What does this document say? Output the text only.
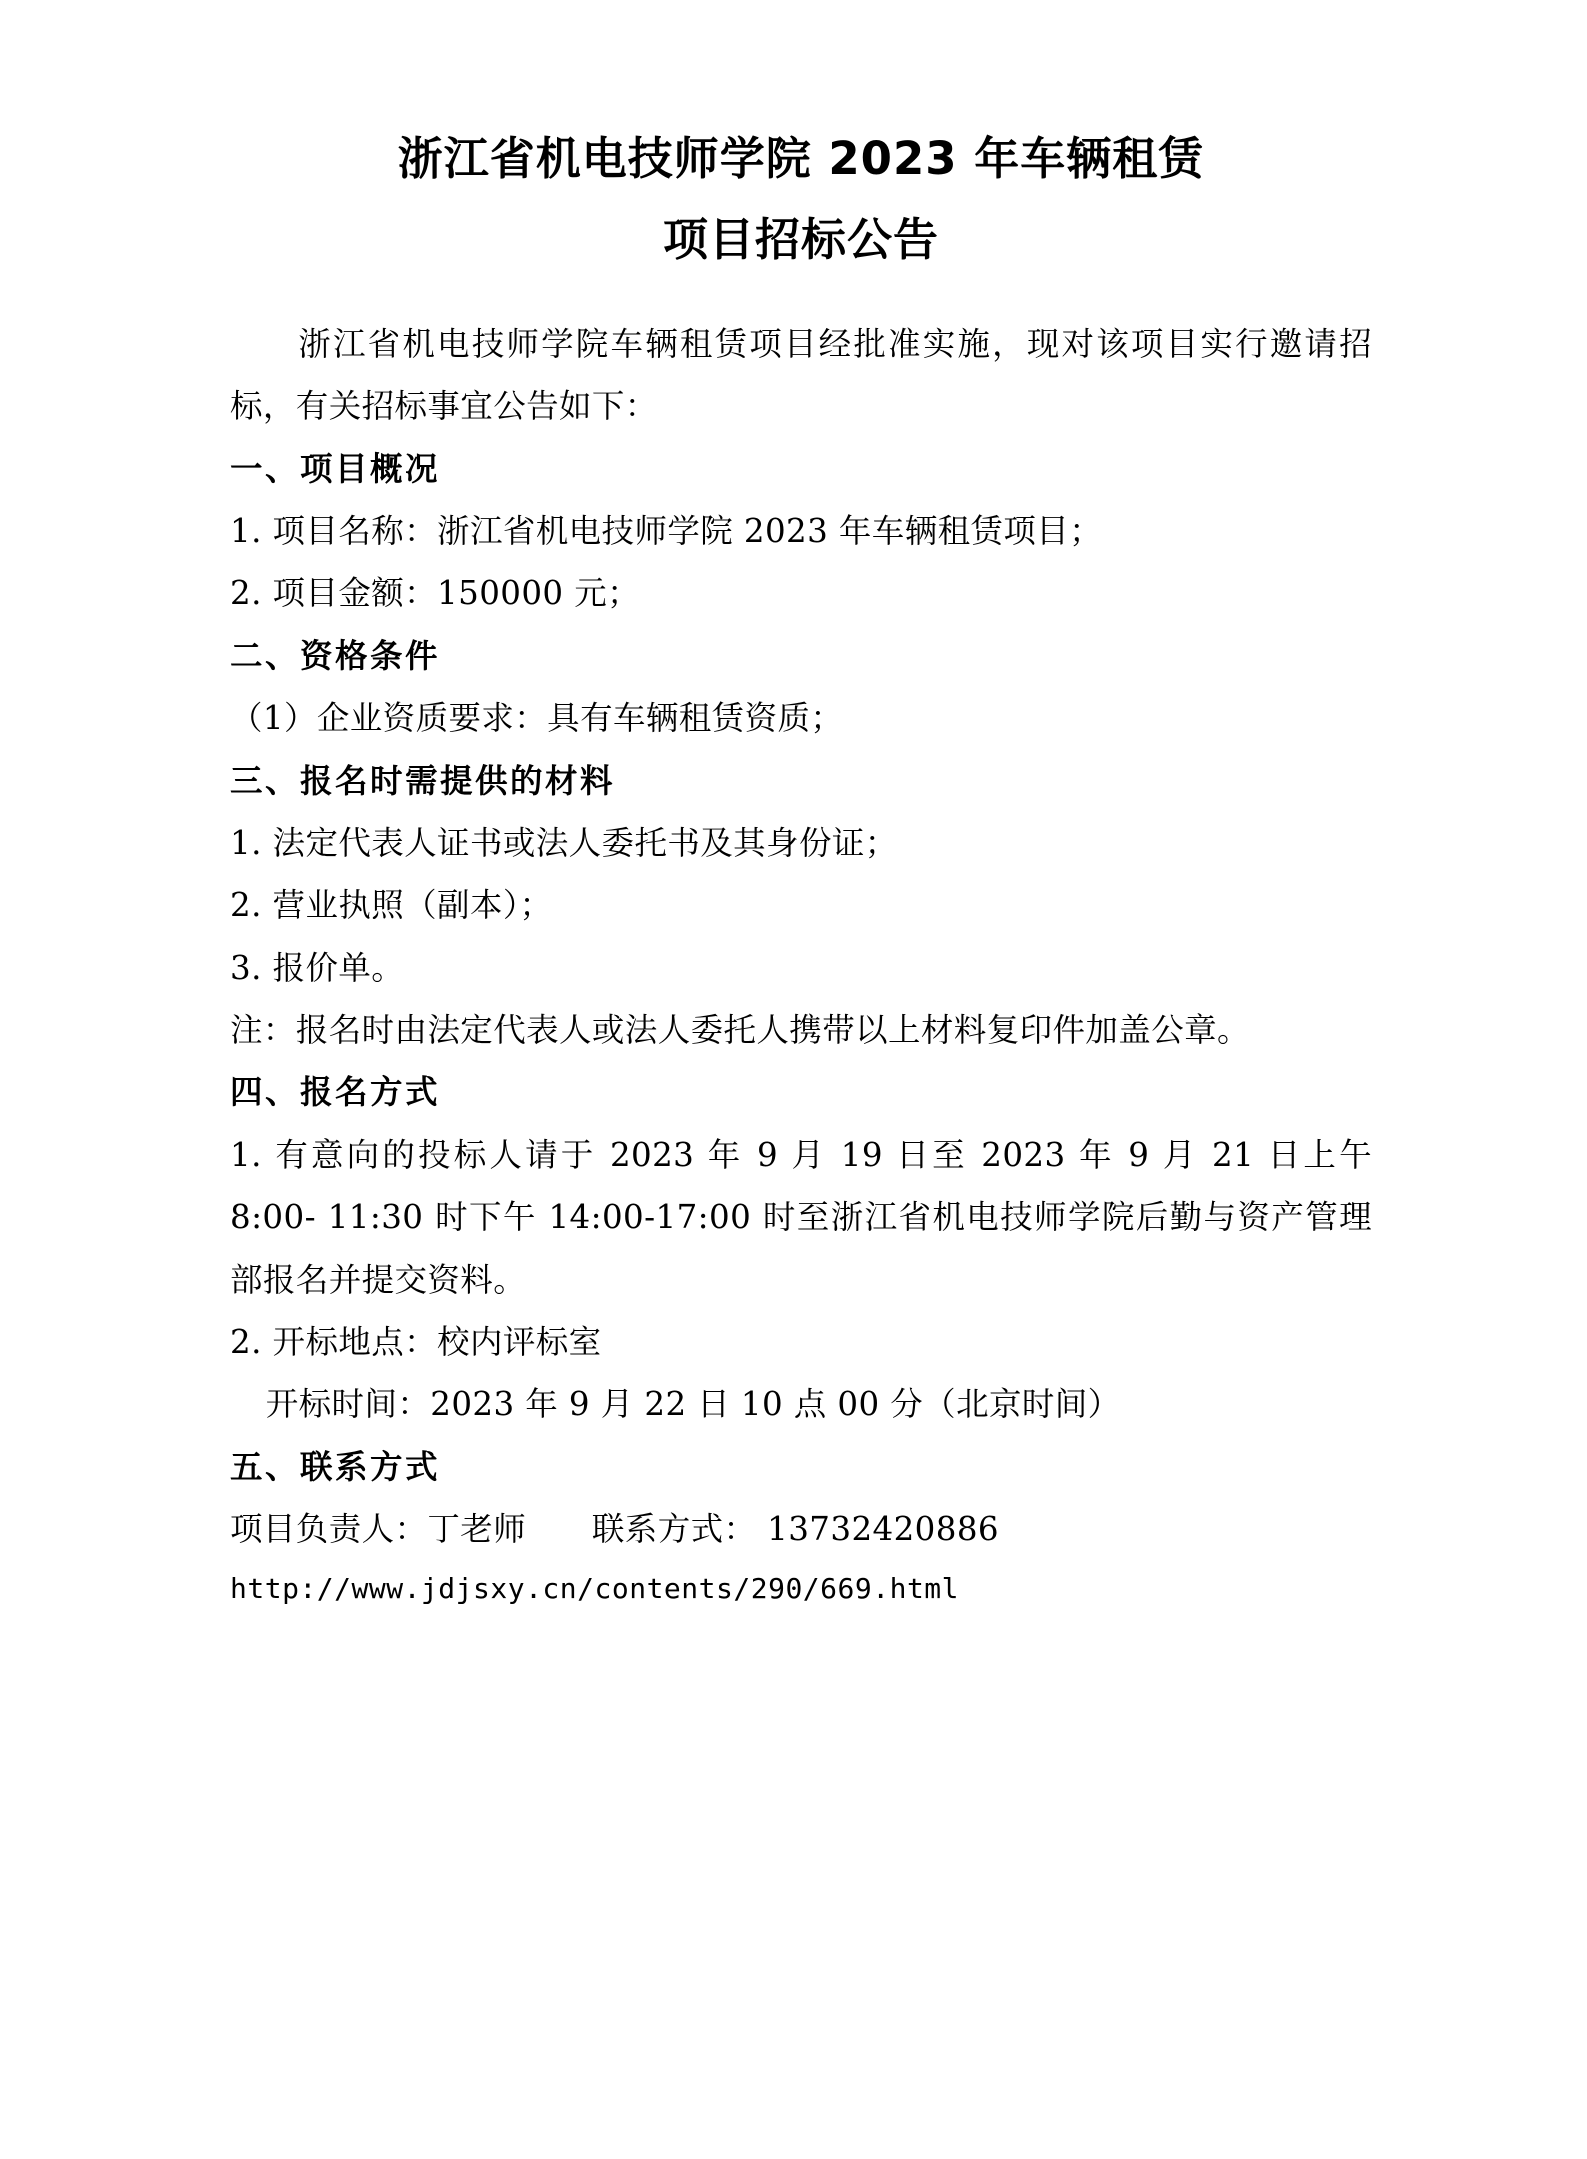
浙江省机电技师学院 2023 年车辆租赁
项目招标公告

浙江省机电技师学院车辆租赁项目经批准实施，现对该项目实行邀请招标，有关招标事宜公告如下：

一、项目概况

1. 项目名称：浙江省机电技师学院 2023 年车辆租赁项目；

2. 项目金额：150000 元；

二、资格条件

（1）企业资质要求：具有车辆租赁资质；

三、报名时需提供的材料

1. 法定代表人证书或法人委托书及其身份证；

2. 营业执照（副本）；

3. 报价单。

注：报名时由法定代表人或法人委托人携带以上材料复印件加盖公章。

四、报名方式

1. 有意向的投标人请于 2023 年 9 月 19 日至 2023 年 9 月 21 日上午 8:00- 11:30 时下午 14:00-17:00 时至浙江省机电技师学院后勤与资产管理部报名并提交资料。

2. 开标地点：校内评标室

开标时间：2023 年 9 月 22 日 10 点 00 分（北京时间）

五、联系方式

项目负责人：丁老师　　联系方式： 13732420886

http://www.jdjsxy.cn/contents/290/669.html
